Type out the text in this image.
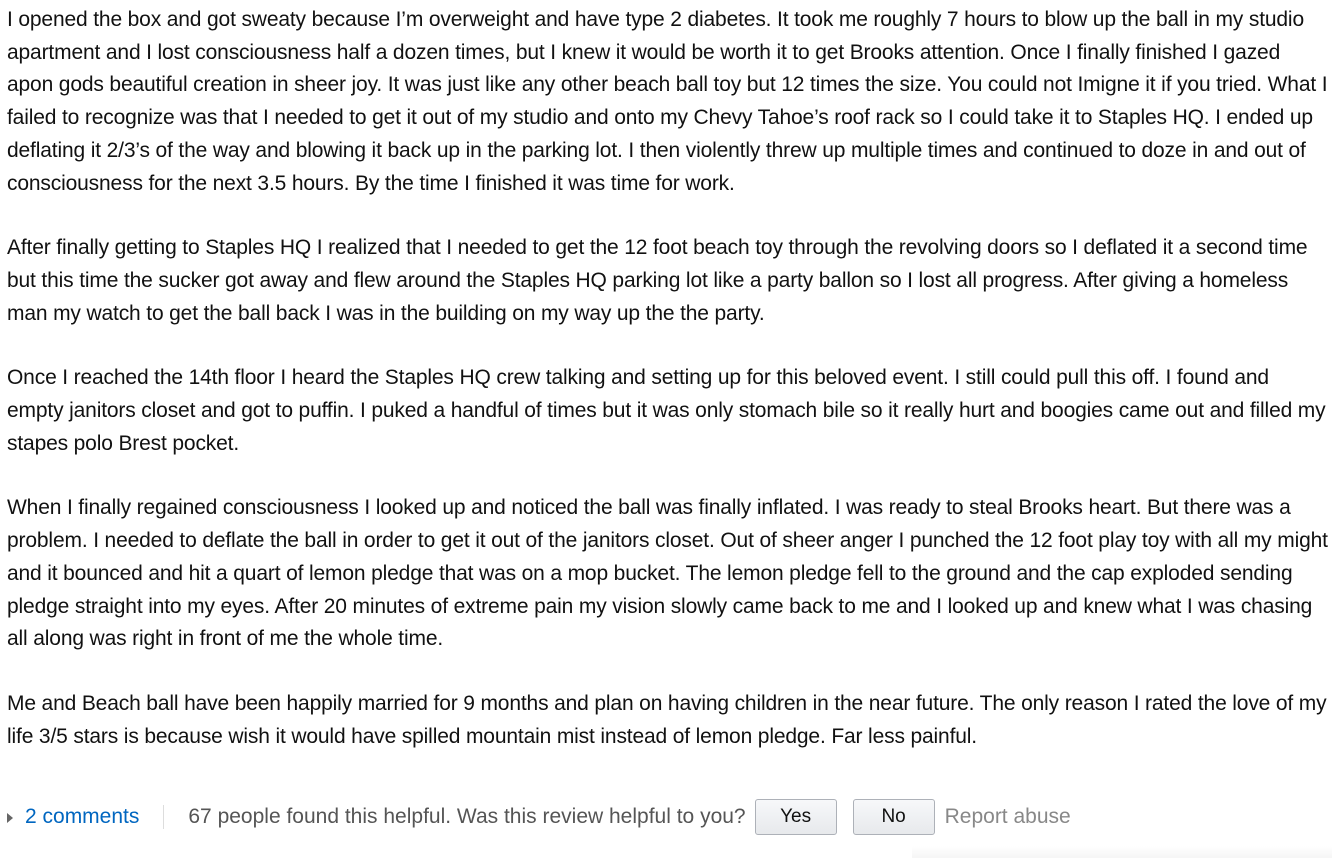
I opened the box and got sweaty because I’m overweight and have type 2 diabetes. It took me roughly 7 hours to blow up the ball in my studio apartment and I lost consciousness half a dozen times, but I knew it would be worth it to get Brooks attention. Once I finally finished I gazed apon gods beautiful creation in sheer joy. It was just like any other beach ball toy but 12 times the size. You could not Imigne it if you tried. What I failed to recognize was that I needed to get it out of my studio and onto my Chevy Tahoe’s roof rack so I could take it to Staples HQ. I ended up deflating it 2/3’s of the way and blowing it back up in the parking lot. I then violently threw up multiple times and continued to doze in and out of consciousness for the next 3.5 hours. By the time I finished it was time for work.

After finally getting to Staples HQ I realized that I needed to get the 12 foot beach toy through the revolving doors so I deflated it a second time but this time the sucker got away and flew around the Staples HQ parking lot like a party ballon so I lost all progress. After giving a homeless man my watch to get the ball back I was in the building on my way up the the party.

Once I reached the 14th floor I heard the Staples HQ crew talking and setting up for this beloved event. I still could pull this off. I found and empty janitors closet and got to puffin. I puked a handful of times but it was only stomach bile so it really hurt and boogies came out and filled my stapes polo Brest pocket.

When I finally regained consciousness I looked up and noticed the ball was finally inflated. I was ready to steal Brooks heart. But there was a problem. I needed to deflate the ball in order to get it out of the janitors closet. Out of sheer anger I punched the 12 foot play toy with all my might and it bounced and hit a quart of lemon pledge that was on a mop bucket. The lemon pledge fell to the ground and the cap exploded sending pledge straight into my eyes. After 20 minutes of extreme pain my vision slowly came back to me and I looked up and knew what I was chasing all along was right in front of me the whole time.

Me and Beach ball have been happily married for 9 months and plan on having children in the near future. The only reason I rated the love of my life 3/5 stars is because wish it would have spilled mountain mist instead of lemon pledge. Far less painful.

2 comments 67 people found this helpful. Was this review helpful to you?	Yes	No	Report abuse
